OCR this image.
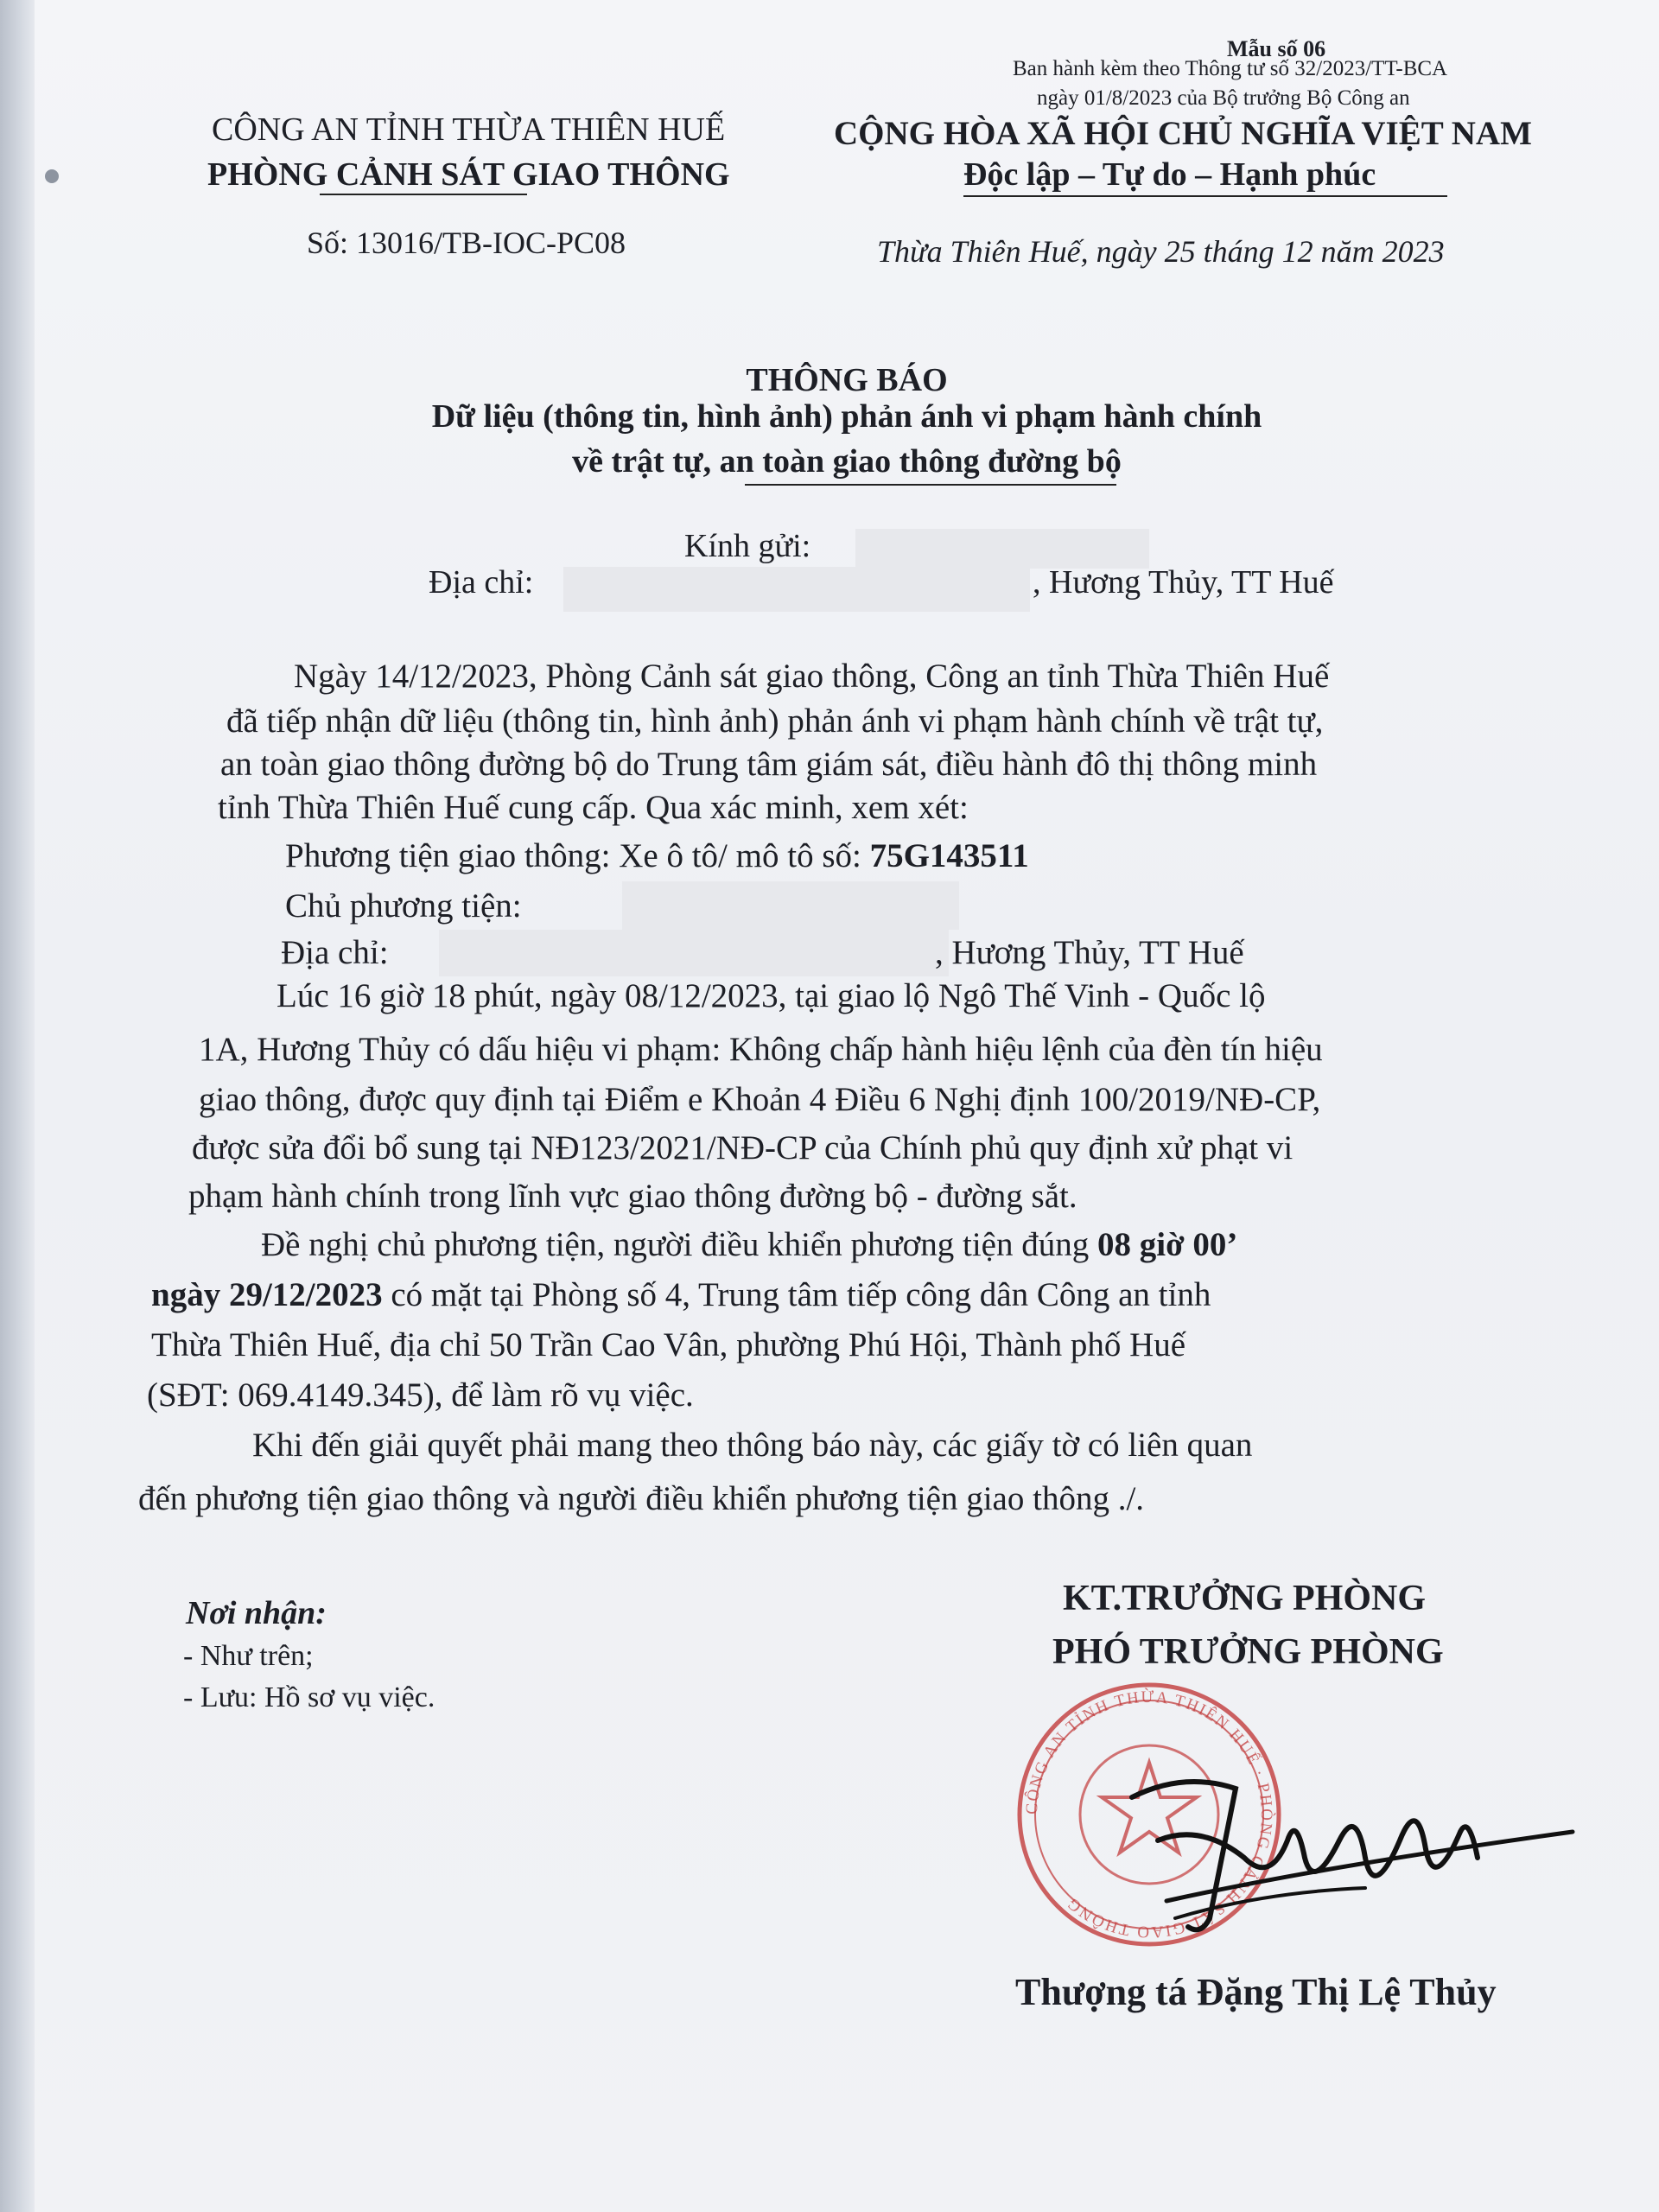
Mẫu số 06
Ban hành kèm theo Thông tư số 32/2023/TT-BCA
ngày 01/8/2023 của Bộ trưởng Bộ Công an
CÔNG AN TỈNH THỪA THIÊN HUẾ
PHÒNG CẢNH SÁT GIAO THÔNG
CỘNG HÒA XÃ HỘI CHỦ NGHĨA VIỆT NAM
Độc lập – Tự do – Hạnh phúc
Số: 13016/TB-IOC-PC08	Thừa Thiên Huế, ngày 25 tháng 12 năm 2023
THÔNG BÁO
Dữ liệu (thông tin, hình ảnh) phản ánh vi phạm hành chính
về trật tự, an toàn giao thông đường bộ
Kính gửi:
Địa chỉ:	, Hương Thủy, TT Huế
Ngày 14/12/2023, Phòng Cảnh sát giao thông, Công an tỉnh Thừa Thiên Huế
đã tiếp nhận dữ liệu (thông tin, hình ảnh) phản ánh vi phạm hành chính về trật tự,
an toàn giao thông đường bộ do Trung tâm giám sát, điều hành đô thị thông minh
tỉnh Thừa Thiên Huế cung cấp. Qua xác minh, xem xét:
Phương tiện giao thông: Xe ô tô/ mô tô số: 75G143511
Chủ phương tiện:
Địa chỉ:	, Hương Thủy, TT Huế
Lúc 16 giờ 18 phút, ngày 08/12/2023, tại giao lộ Ngô Thế Vinh - Quốc lộ
1A, Hương Thủy có dấu hiệu vi phạm: Không chấp hành hiệu lệnh của đèn tín hiệu
giao thông, được quy định tại Điểm e Khoản 4 Điều 6 Nghị định 100/2019/NĐ-CP,
được sửa đổi bổ sung tại NĐ123/2021/NĐ-CP của Chính phủ quy định xử phạt vi
phạm hành chính trong lĩnh vực giao thông đường bộ - đường sắt.
Đề nghị chủ phương tiện, người điều khiển phương tiện đúng 08 giờ 00’
ngày 29/12/2023 có mặt tại Phòng số 4, Trung tâm tiếp công dân Công an tỉnh
Thừa Thiên Huế, địa chỉ 50 Trần Cao Vân, phường Phú Hội, Thành phố Huế
(SĐT: 069.4149.345), để làm rõ vụ việc.
Khi đến giải quyết phải mang theo thông báo này, các giấy tờ có liên quan
đến phương tiện giao thông và người điều khiển phương tiện giao thông ./.
Nơi nhận:
- Như trên;
- Lưu: Hồ sơ vụ việc.
KT.TRƯỞNG PHÒNG
PHÓ TRƯỞNG PHÒNG
CÔNG AN TỈNH THỪA THIÊN HUẾ · PHÒNG CẢNH SÁT GIAO THÔNG
Thượng tá Đặng Thị Lệ Thủy
